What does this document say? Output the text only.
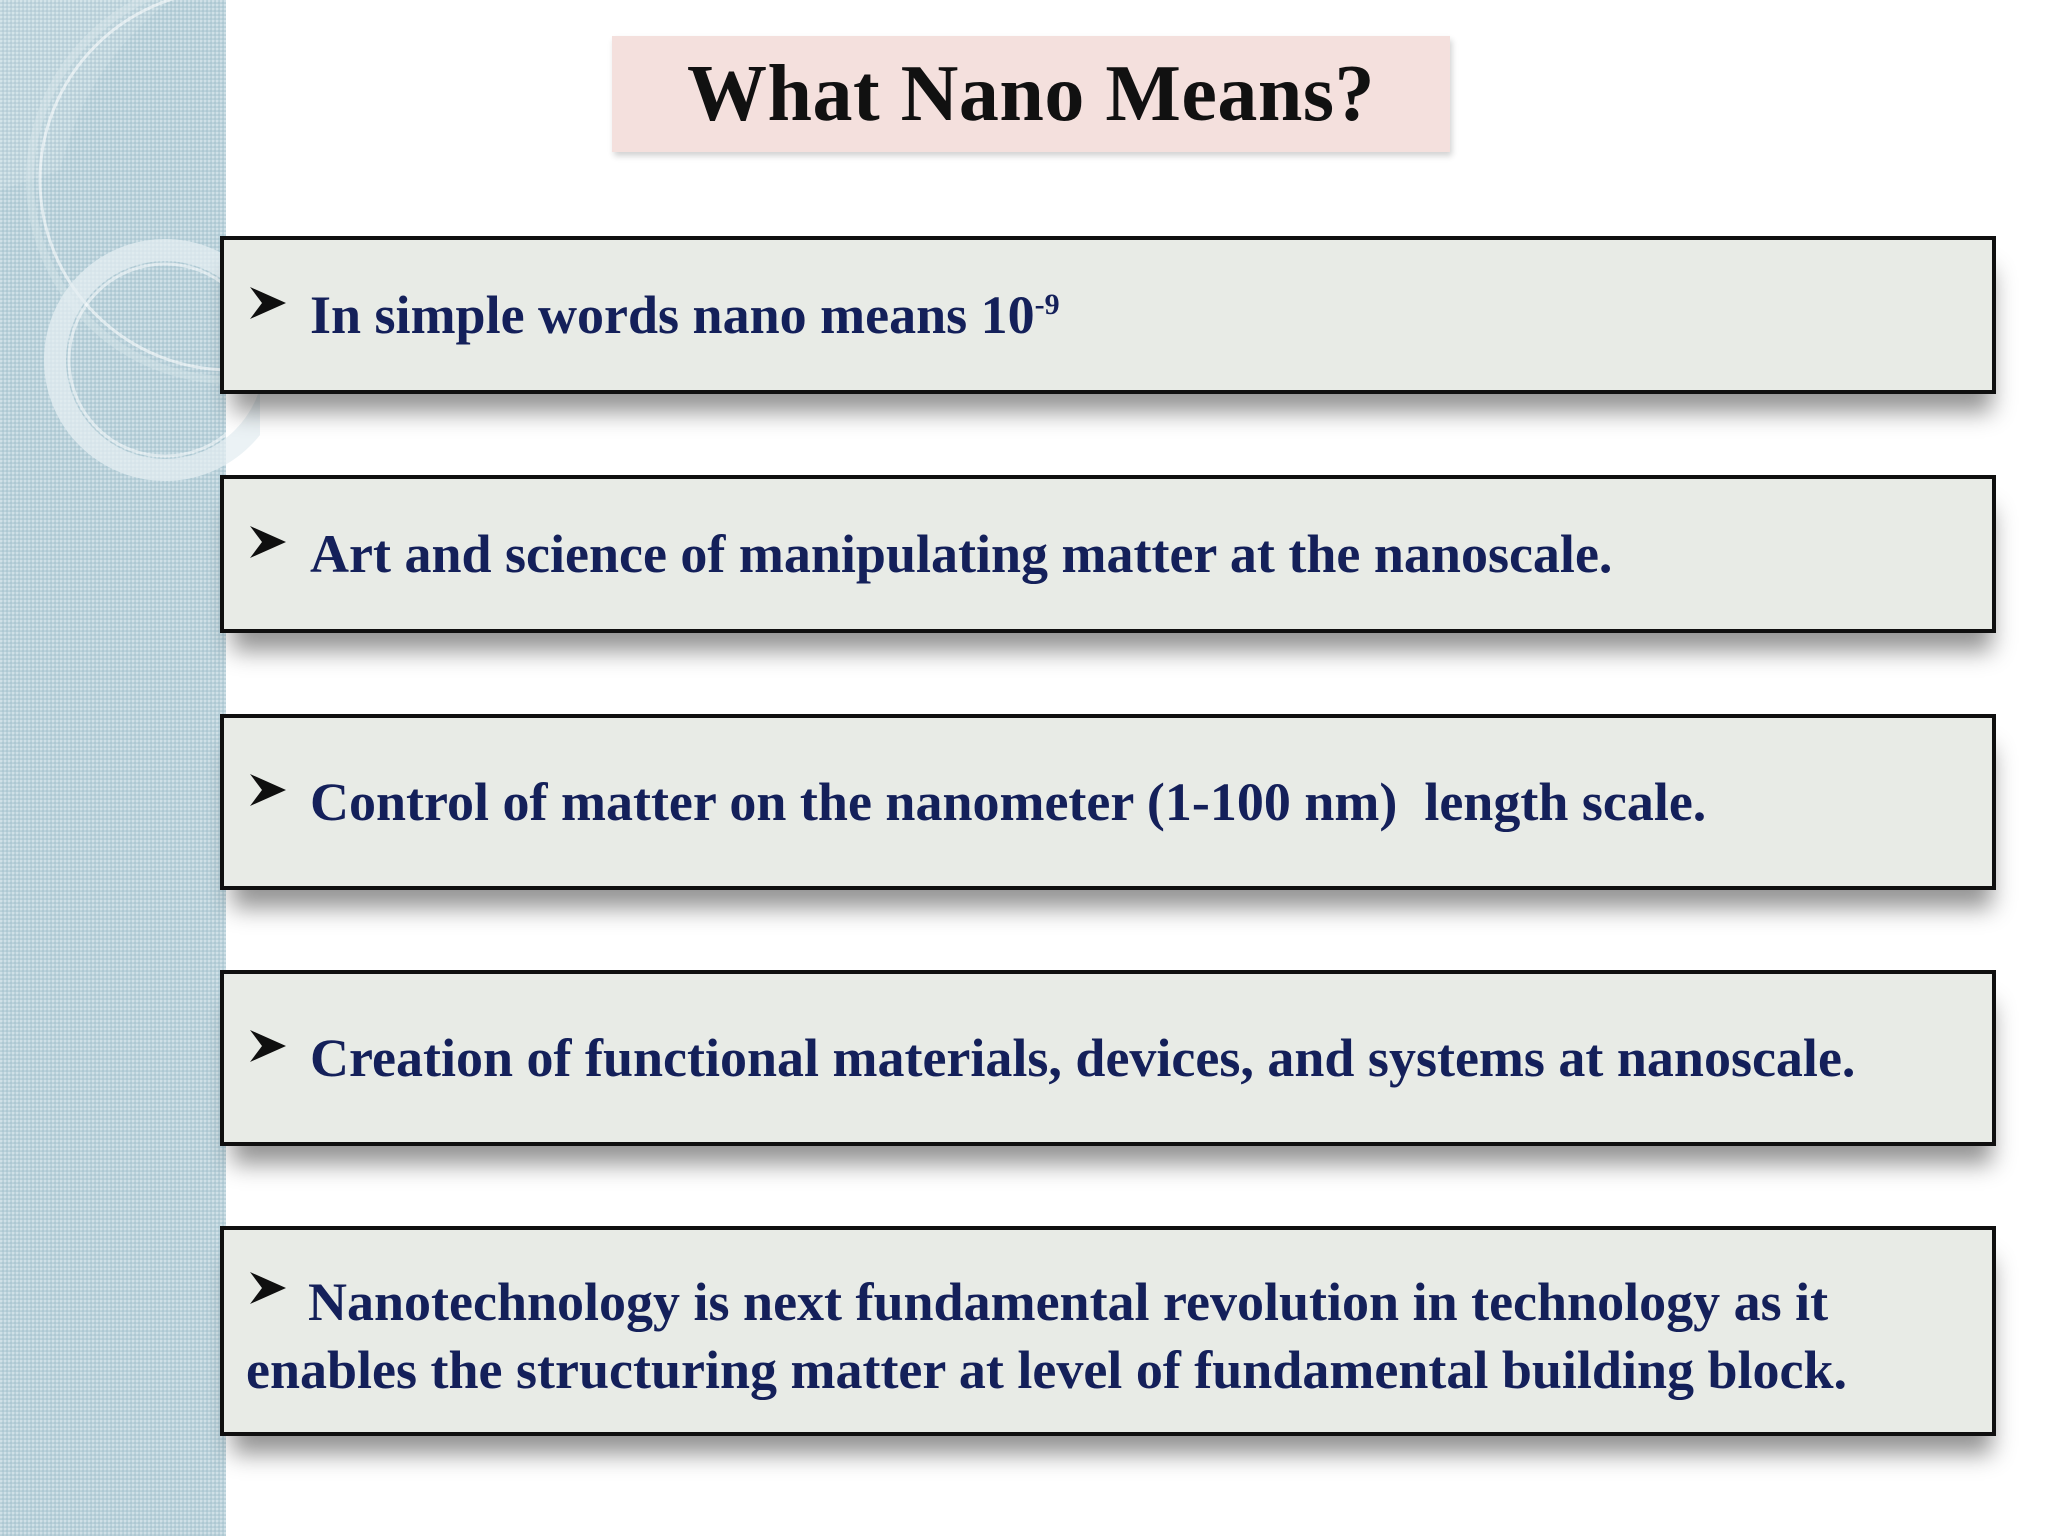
What Nano Means?
In simple words nano means $10^{-9}$
Art and science of manipulating matter at the nanoscale.
Control of matter on the nanometer (1-100 nm)  length scale.
Creation of functional materials, devices, and systems at nanoscale.
Nanotechnology is next fundamental revolution in technology as it
enables the structuring matter at level of fundamental building block.
